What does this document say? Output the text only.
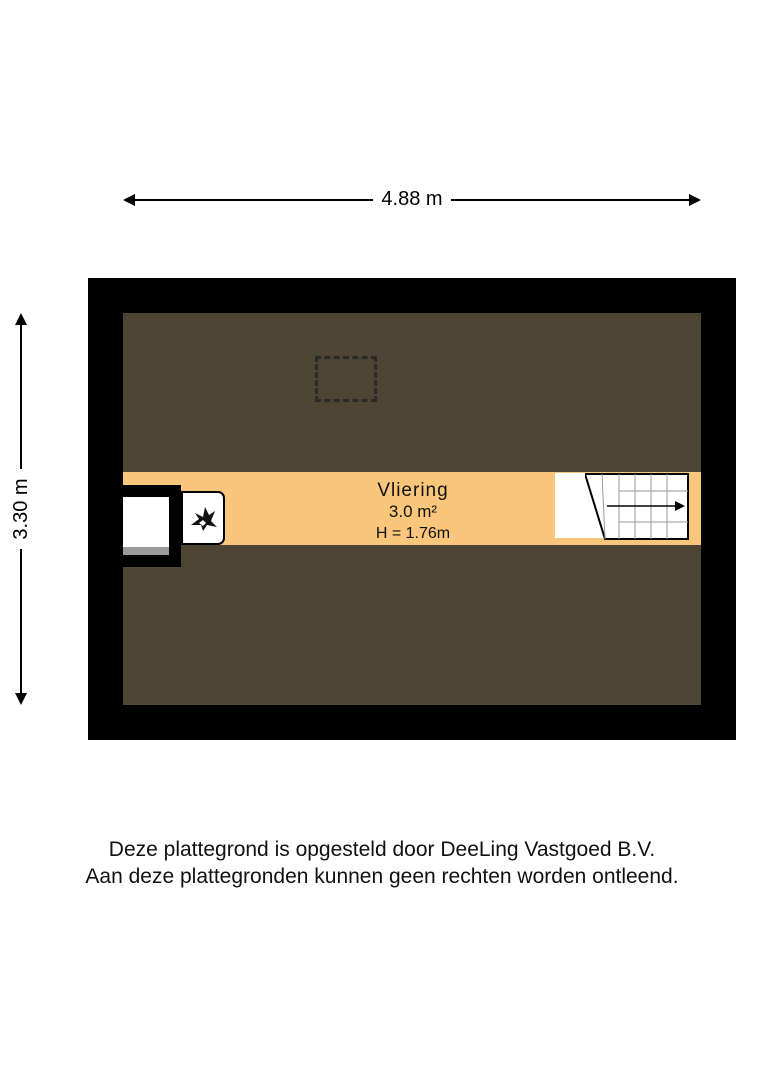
4.88 m
3.30 m	Vliering
3.0 m²
H = 1.76m
Deze plattegrond is opgesteld door DeeLing Vastgoed B.V.
Aan deze plattegronden kunnen geen rechten worden ontleend.
